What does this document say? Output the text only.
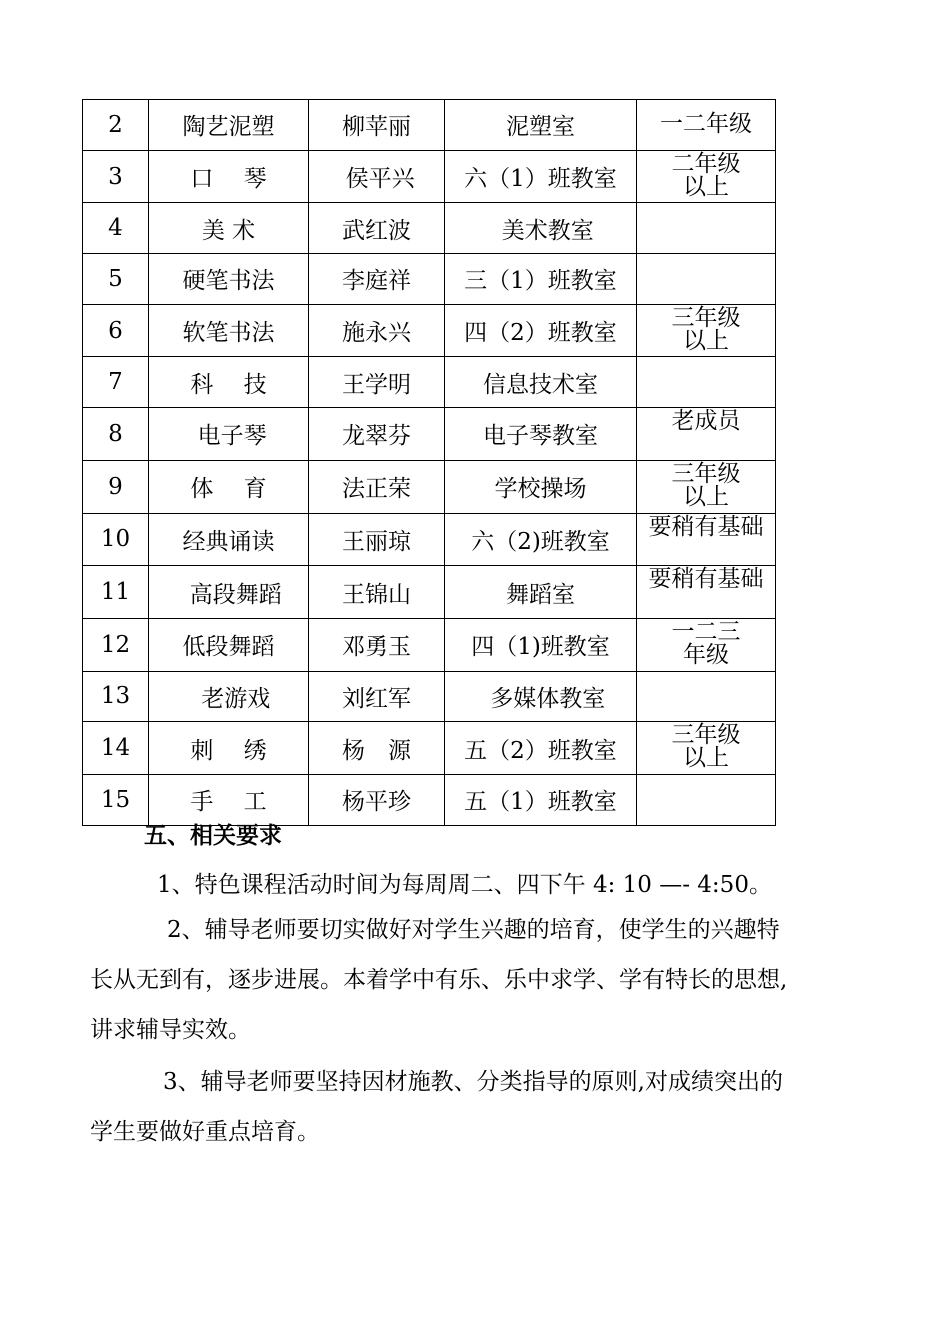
2	陶艺泥塑	柳苹丽	泥塑室	一二年级

3	口　 琴	侯平兴	六（1）班教室	二年级
以上

4	美 术	武红波	美术教室	
5	硬笔书法	李庭祥	三（1）班教室	
6	软笔书法	施永兴	四（2）班教室	三年级
以上

7	科　 技	王学明	信息技术室	
8	电子琴	龙翠芬	电子琴教室	老成员

9	体　 育	法正荣	学校操场	三年级
以上

10	经典诵读	王丽琼	六（2)班教室	要稍有基础

11	高段舞蹈	王锦山	舞蹈室	要稍有基础

12	低段舞蹈	邓勇玉	四（1)班教室	一二三
年级

13	老游戏	刘红军	多媒体教室	
14	刺　 绣	杨　源	五（2）班教室	三年级
以上

15	手　 工	杨平珍	五（1）班教室	
五、相关要求
1、特色课程活动时间为每周周二、四下午 4: 10 —- 4:50。
2、辅导老师要切实做好对学生兴趣的培育，使学生的兴趣特
长从无到有，逐步进展。本着学中有乐、乐中求学、学有特长的思想,
讲求辅导实效。
3、辅导老师要坚持因材施教、分类指导的原则,对成绩突出的
学生要做好重点培育。
